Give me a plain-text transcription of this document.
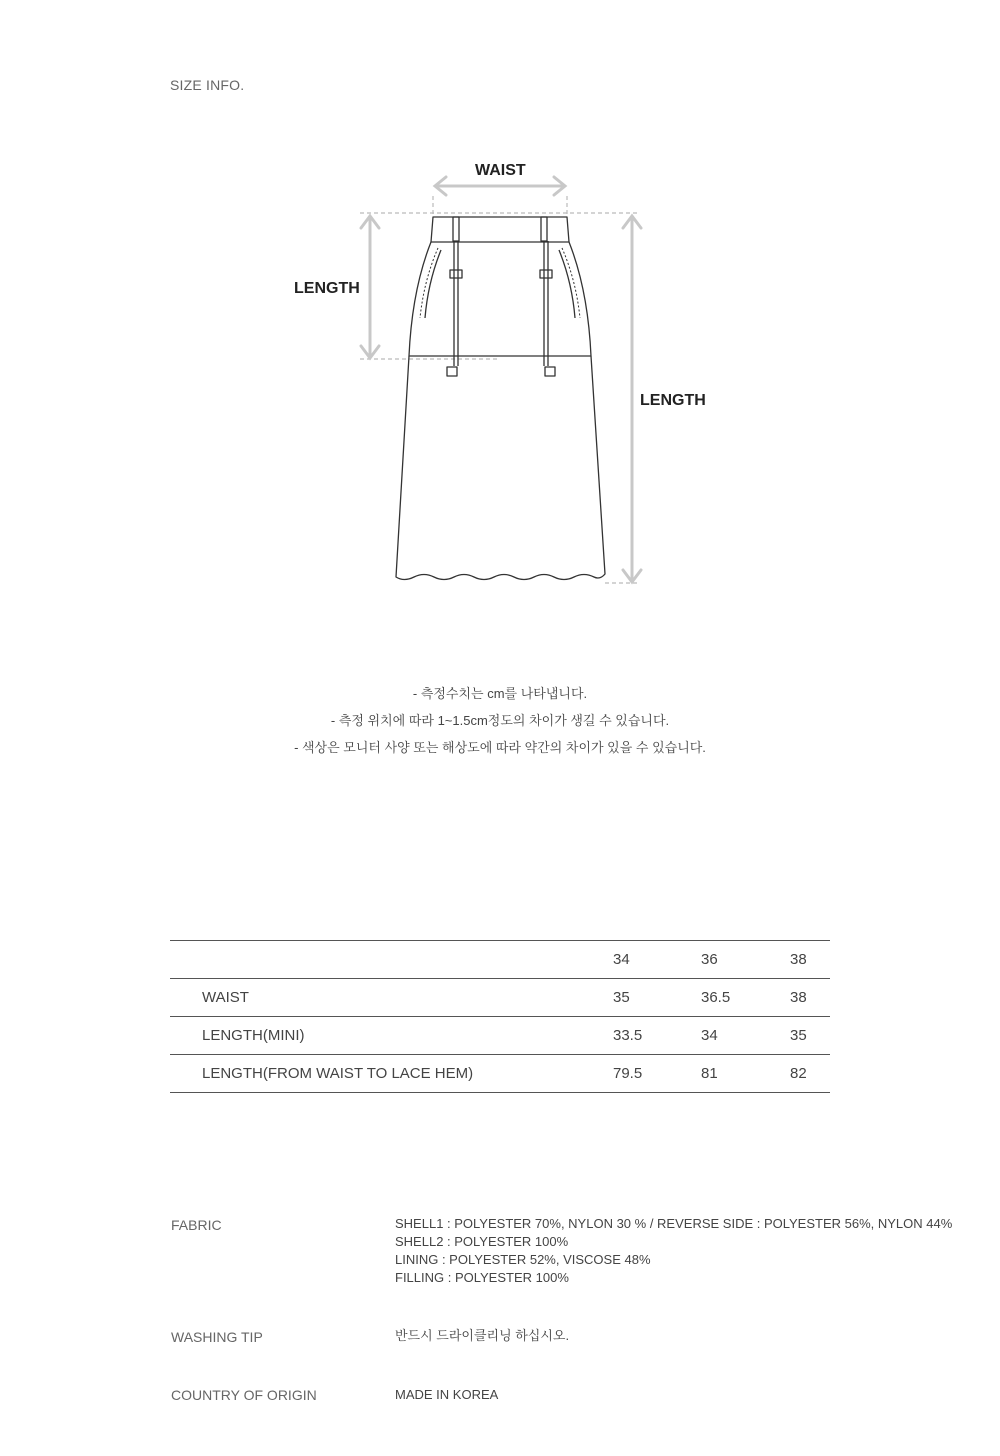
SIZE INFO.
WAIST
LENGTH
LENGTH
- 측정수치는 cm를 나타냅니다.
- 측정 위치에 따라 1~1.5cm정도의 차이가 생길 수 있습니다.
- 색상은 모니터 사양 또는 해상도에 따라 약간의 차이가 있을 수 있습니다.
	34	36	38
WAIST	35	36.5	38
LENGTH(MINI)	33.5	34	35
LENGTH(FROM WAIST TO LACE HEM)	79.5	81	82
FABRIC	SHELL1 : POLYESTER 70%, NYLON 30 % / REVERSE SIDE : POLYESTER 56%, NYLON 44%
SHELL2 : POLYESTER 100%
LINING : POLYESTER 52%, VISCOSE 48%
FILLING : POLYESTER 100%
WASHING TIP	반드시 드라이클리닝 하십시오.
COUNTRY OF ORIGIN	MADE IN KOREA
